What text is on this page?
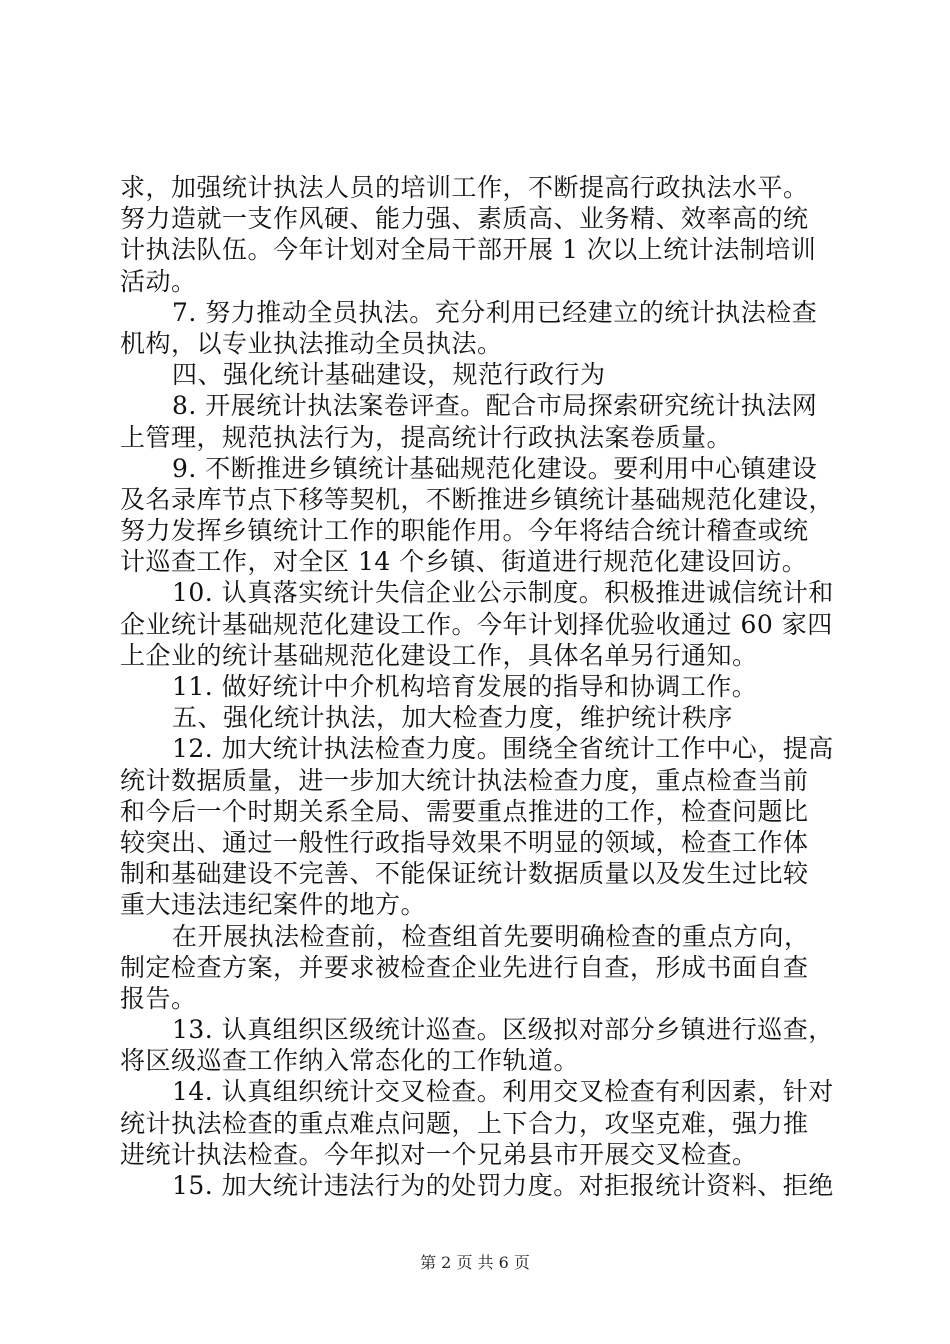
求，加强统计执法人员的培训工作，不断提高行政执法水平。
努力造就一支作风硬、能力强、素质高、业务精、效率高的统
计执法队伍。今年计划对全局干部开展 1 次以上统计法制培训
活动。
7. 努力推动全员执法。充分利用已经建立的统计执法检查
机构，以专业执法推动全员执法。
四、强化统计基础建设，规范行政行为
8. 开展统计执法案卷评查。配合市局探索研究统计执法网
上管理，规范执法行为，提高统计行政执法案卷质量。
9. 不断推进乡镇统计基础规范化建设。要利用中心镇建设
及名录库节点下移等契机，不断推进乡镇统计基础规范化建设，
努力发挥乡镇统计工作的职能作用。今年将结合统计稽查或统
计巡查工作，对全区 14 个乡镇、街道进行规范化建设回访。
10. 认真落实统计失信企业公示制度。积极推进诚信统计和
企业统计基础规范化建设工作。今年计划择优验收通过 60 家四
上企业的统计基础规范化建设工作，具体名单另行通知。
11. 做好统计中介机构培育发展的指导和协调工作。
五、强化统计执法，加大检查力度，维护统计秩序
12. 加大统计执法检查力度。围绕全省统计工作中心，提高
统计数据质量，进一步加大统计执法检查力度，重点检查当前
和今后一个时期关系全局、需要重点推进的工作，检查问题比
较突出、通过一般性行政指导效果不明显的领域，检查工作体
制和基础建设不完善、不能保证统计数据质量以及发生过比较
重大违法违纪案件的地方。
在开展执法检查前，检查组首先要明确检查的重点方向，
制定检查方案，并要求被检查企业先进行自查，形成书面自查
报告。
13. 认真组织区级统计巡查。区级拟对部分乡镇进行巡查，
将区级巡查工作纳入常态化的工作轨道。
14. 认真组织统计交叉检查。利用交叉检查有利因素，针对
统计执法检查的重点难点问题，上下合力，攻坚克难，强力推
进统计执法检查。今年拟对一个兄弟县市开展交叉检查。
15. 加大统计违法行为的处罚力度。对拒报统计资料、拒绝
第 2 页 共 6 页
